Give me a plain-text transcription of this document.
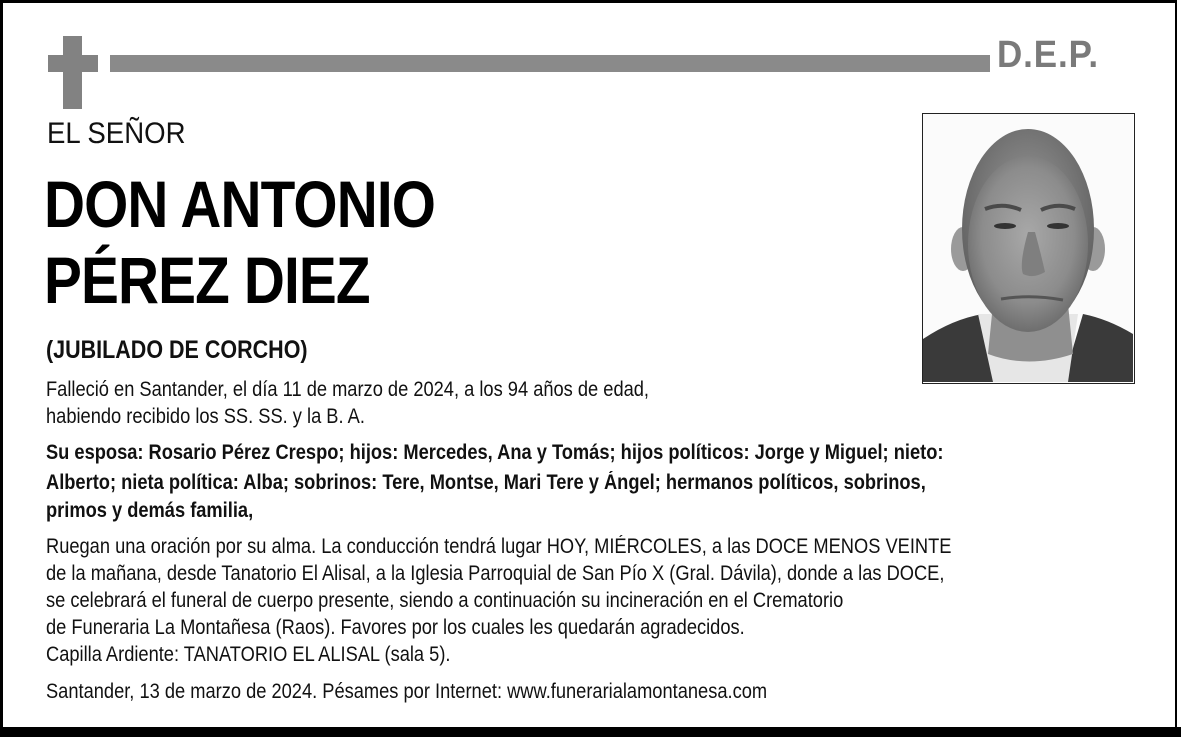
D.E.P.
EL SEÑOR
DON ANTONIO
PÉREZ DIEZ
(JUBILADO DE CORCHO)
Falleció en Santander, el día 11 de marzo de 2024, a los 94 años de edad,
habiendo recibido los SS. SS. y la B. A.
Su esposa: Rosario Pérez Crespo; hijos: Mercedes, Ana y Tomás; hijos políticos: Jorge y Miguel; nieto:
Alberto; nieta política: Alba; sobrinos: Tere, Montse, Mari Tere y Ángel; hermanos políticos, sobrinos,
primos y demás familia,
Ruegan una oración por su alma. La conducción tendrá lugar HOY, MIÉRCOLES, a las DOCE MENOS VEINTE
de la mañana, desde Tanatorio El Alisal, a la Iglesia Parroquial de San Pío X (Gral. Dávila), donde a las DOCE,
se celebrará el funeral de cuerpo presente, siendo a continuación su incineración en el Crematorio
de Funeraria La Montañesa (Raos). Favores por los cuales les quedarán agradecidos.
Capilla Ardiente: TANATORIO EL ALISAL (sala 5).
Santander, 13 de marzo de 2024. Pésames por Internet: www.funerarialamontanesa.com
